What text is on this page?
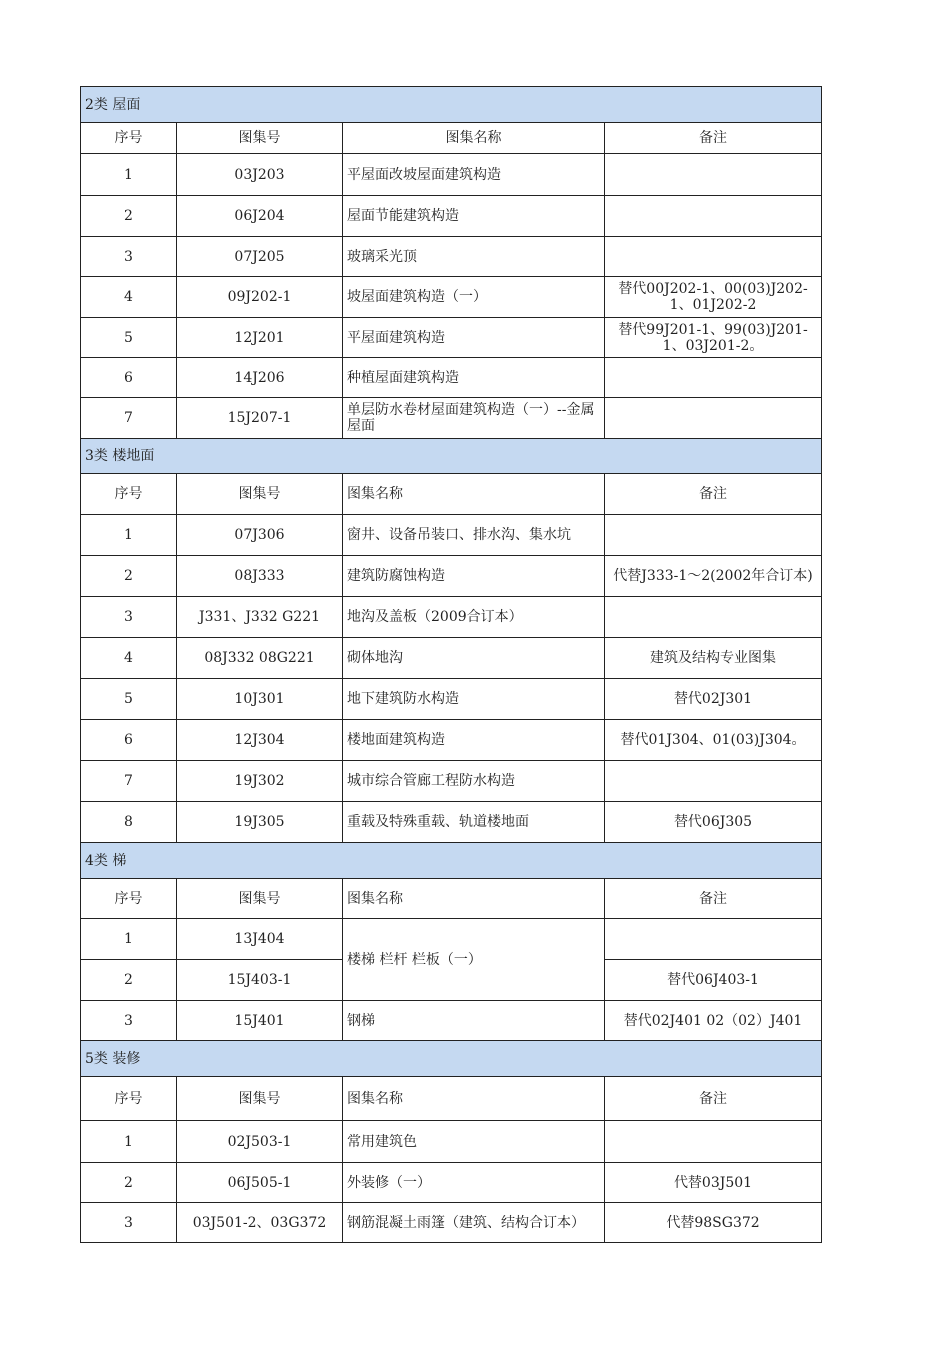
2类 屋面			
序号	图集号	图集名称	备注
1	03J203	平屋面改坡屋面建筑构造	
2	06J204	屋面节能建筑构造	
3	07J205	玻璃采光顶	
4	09J202-1	坡屋面建筑构造（一）	替代00J202-1、00(03)J202-1、01J202-2
5	12J201	平屋面建筑构造	替代99J201-1、99(03)J201-1、03J201-2。
6	14J206	种植屋面建筑构造	
7	15J207-1	单层防水卷材屋面建筑构造（一）--金属屋面	
3类 楼地面			
序号	图集号	图集名称	备注
1	07J306	窗井、设备吊装口、排水沟、集水坑	
2	08J333	建筑防腐蚀构造	代替J333-1～2(2002年合订本)
3	J331、J332 G221	地沟及盖板（2009合订本）	
4	08J332 08G221	砌体地沟	建筑及结构专业图集
5	10J301	地下建筑防水构造	替代02J301
6	12J304	楼地面建筑构造	替代01J304、01(03)J304。
7	19J302	城市综合管廊工程防水构造	
8	19J305	重载及特殊重载、轨道楼地面	替代06J305
4类 梯			
序号	图集号	图集名称	备注
1	13J404	楼梯 栏杆 栏板（一）	
2	15J403-1		替代06J403-1
3	15J401	钢梯	替代02J401 02（02）J401
5类 装修			
序号	图集号	图集名称	备注
1	02J503-1	常用建筑色	
2	06J505-1	外装修（一）	代替03J501
3	03J501-2、03G372	钢筋混凝土雨篷（建筑、结构合订本）	代替98SG372
